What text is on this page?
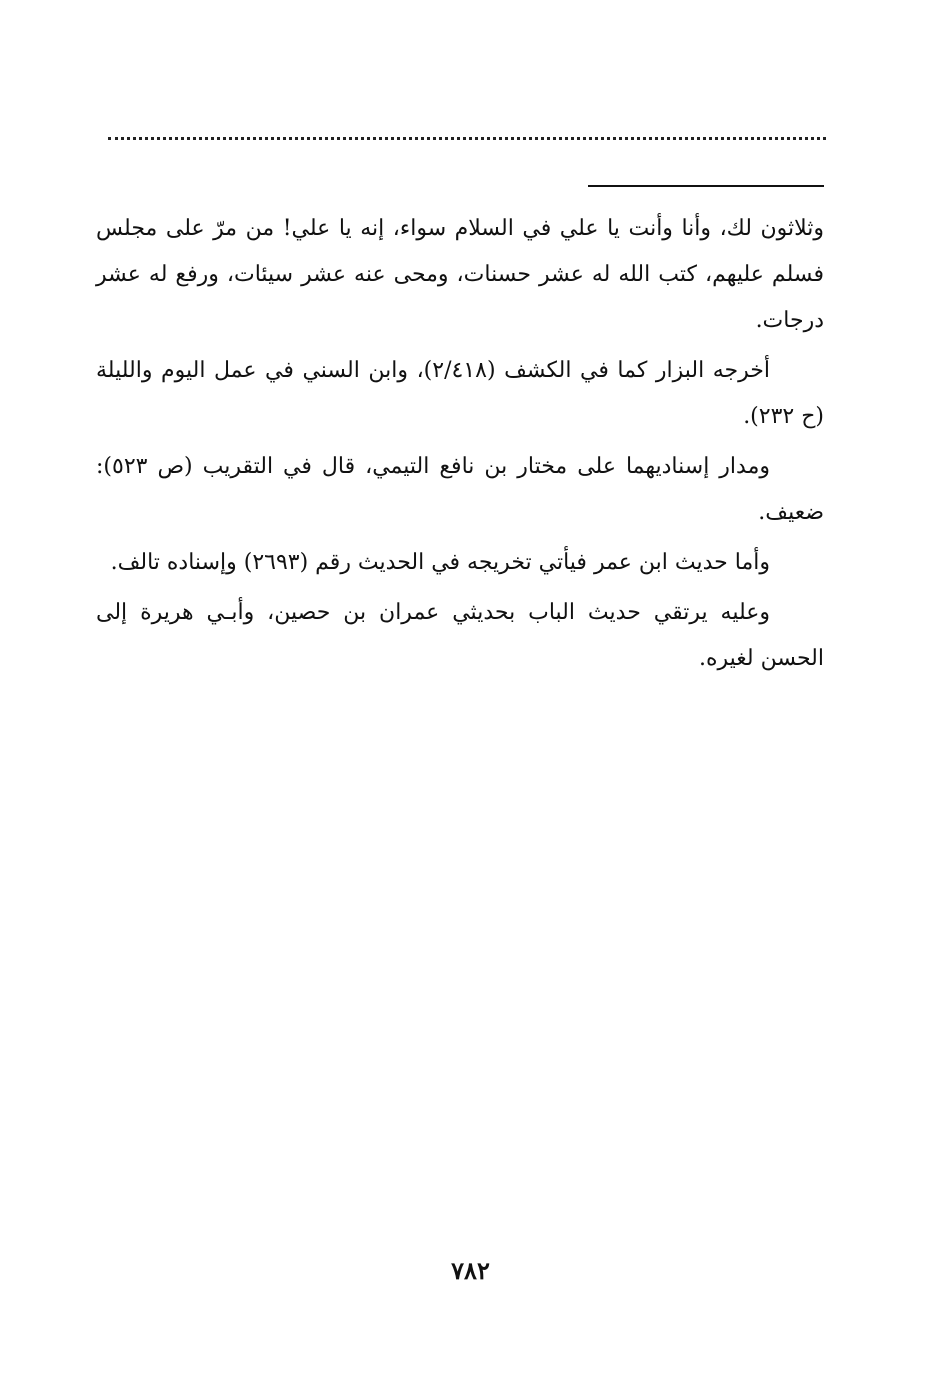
وثلاثون لك، وأنا وأنت يا علي في السلام سواء، إنه يا علي! من مرّ على مجلس فسلم عليهم، كتب الله له عشر حسنات، ومحى عنه عشر سيئات، ورفع له عشر درجات.

أخرجه البزار كما في الكشف (٢/٤١٨)، وابن السني في عمل اليوم والليلة (ح ٢٣٢).

ومدار إسناديهما على مختار بن نافع التيمي، قال في التقريب (ص ٥٢٣): ضعيف.

وأما حديث ابن عمر فيأتي تخريجه في الحديث رقم (٢٦٩٣) وإسناده تالف.

وعليه يرتقي حديث الباب بحديثي عمران بن حصين، وأبـي هريرة إلى الحسن لغيره.

٧٨٢
